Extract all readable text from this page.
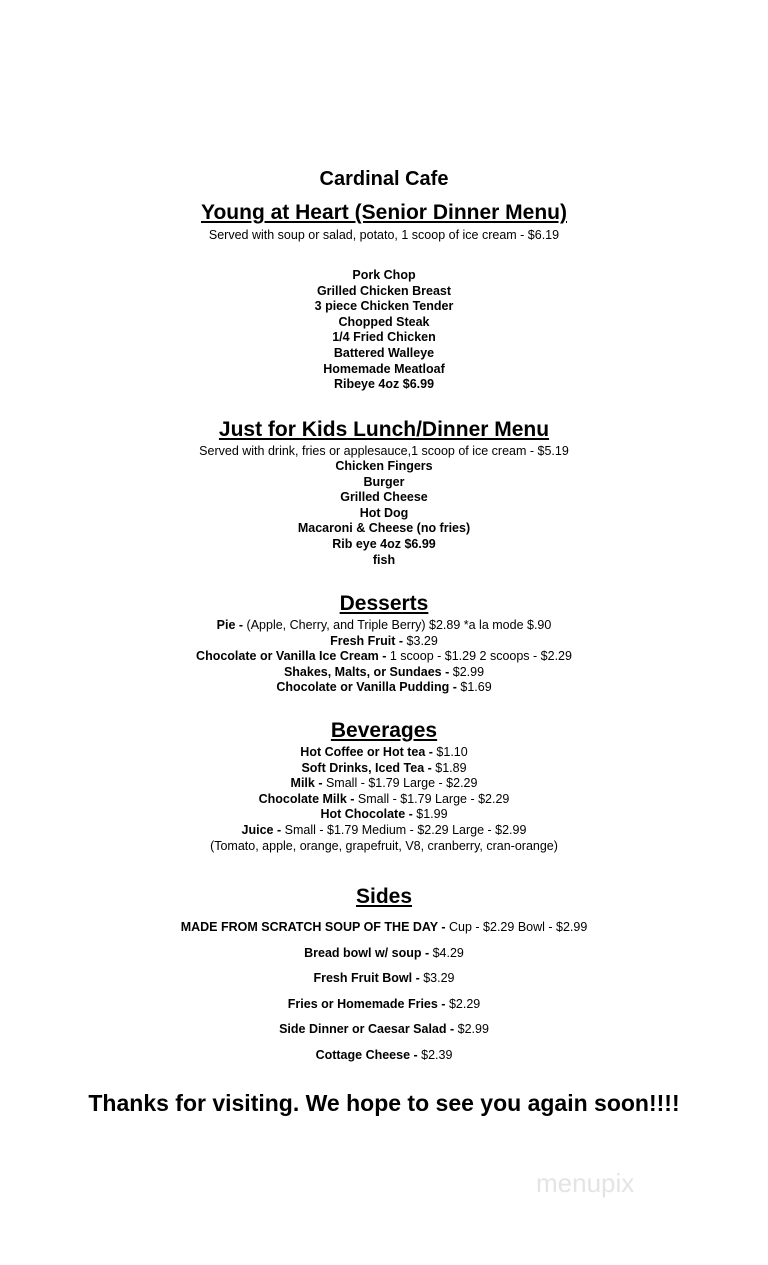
Cardinal Cafe
Young at Heart (Senior Dinner Menu)
Served with soup or salad, potato, 1 scoop of ice cream - $6.19
Pork Chop
Grilled Chicken Breast
3 piece Chicken Tender
Chopped Steak
1/4 Fried Chicken
Battered Walleye
Homemade Meatloaf
Ribeye 4oz $6.99
Just for Kids Lunch/Dinner Menu
Served with drink, fries or applesauce,1 scoop of ice cream - $5.19
Chicken Fingers
Burger
Grilled Cheese
Hot Dog
Macaroni & Cheese (no fries)
Rib eye 4oz $6.99
fish
Desserts
Pie - (Apple, Cherry, and Triple Berry) $2.89 *a la mode $.90
Fresh Fruit - $3.29
Chocolate or Vanilla Ice Cream - 1 scoop - $1.29 2 scoops - $2.29
Shakes, Malts, or Sundaes - $2.99
Chocolate or Vanilla Pudding - $1.69
Beverages
Hot Coffee or Hot tea - $1.10
Soft Drinks, Iced Tea - $1.89
Milk - Small - $1.79 Large - $2.29
Chocolate Milk - Small - $1.79 Large - $2.29
Hot Chocolate - $1.99
Juice - Small - $1.79 Medium - $2.29 Large - $2.99
(Tomato, apple, orange, grapefruit, V8, cranberry, cran-orange)
Sides
MADE FROM SCRATCH SOUP OF THE DAY - Cup - $2.29 Bowl - $2.99
Bread bowl w/ soup - $4.29
Fresh Fruit Bowl - $3.29
Fries or Homemade Fries - $2.29
Side Dinner or Caesar Salad - $2.99
Cottage Cheese - $2.39
Thanks for visiting. We hope to see you again soon!!!!
menupix
